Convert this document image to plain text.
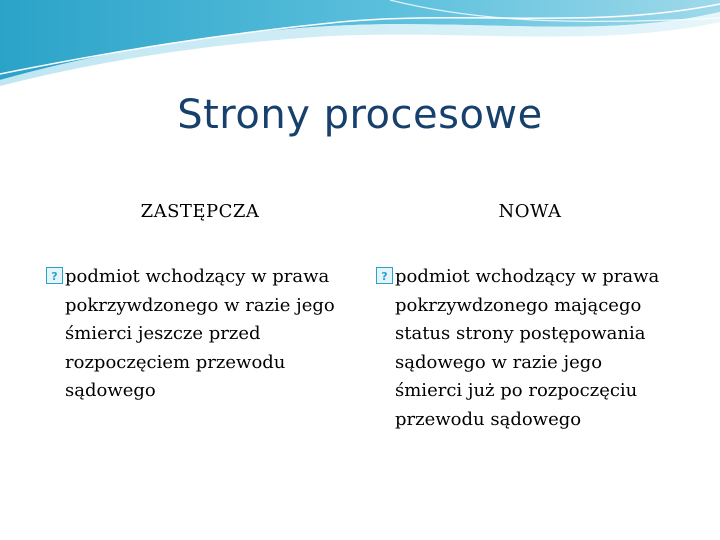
Strony procesowe
ZASTĘPCZA	NOWA
? podmiot wchodzący w prawa
pokrzywdzonego w razie jego
śmierci jeszcze przed
rozpoczęciem przewodu
sądowego
? podmiot wchodzący w prawa
pokrzywdzonego mającego
status strony postępowania
sądowego w razie jego
śmierci już po rozpoczęciu
przewodu sądowego
